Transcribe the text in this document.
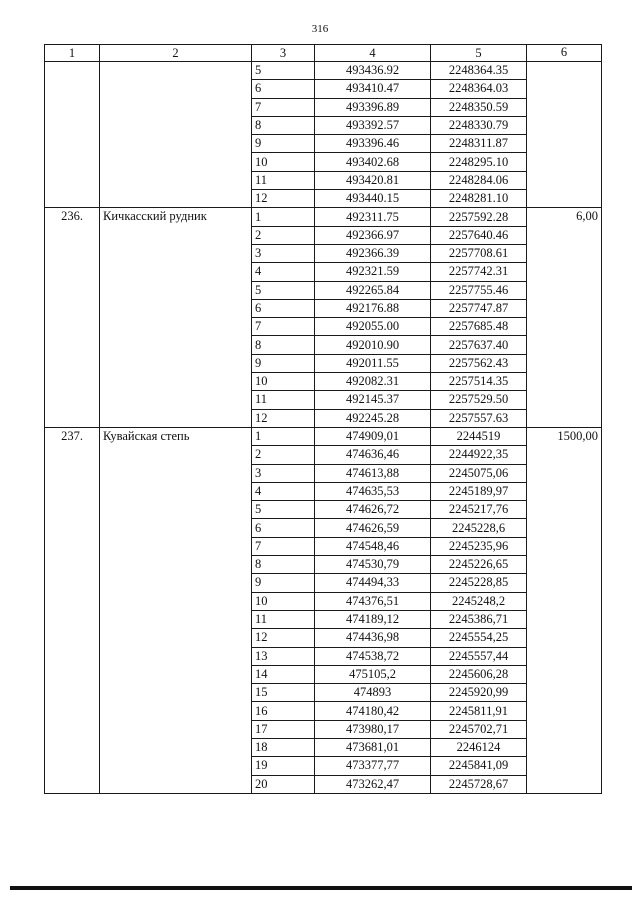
316
1	2	3	4	5	6
		5	493436.92	2248364.35	
		6	493410.47	2248364.03	
		7	493396.89	2248350.59	
		8	493392.57	2248330.79	
		9	493396.46	2248311.87	
		10	493402.68	2248295.10	
		11	493420.81	2248284.06	
		12	493440.15	2248281.10	
236.	Кичкасский рудник	1	492311.75	2257592.28	6,00
		2	492366.97	2257640.46	
		3	492366.39	2257708.61	
		4	492321.59	2257742.31	
		5	492265.84	2257755.46	
		6	492176.88	2257747.87	
		7	492055.00	2257685.48	
		8	492010.90	2257637.40	
		9	492011.55	2257562.43	
		10	492082.31	2257514.35	
		11	492145.37	2257529.50	
		12	492245.28	2257557.63	
237.	Кувайская степь	1	474909,01	2244519	1500,00
		2	474636,46	2244922,35	
		3	474613,88	2245075,06	
		4	474635,53	2245189,97	
		5	474626,72	2245217,76	
		6	474626,59	2245228,6	
		7	474548,46	2245235,96	
		8	474530,79	2245226,65	
		9	474494,33	2245228,85	
		10	474376,51	2245248,2	
		11	474189,12	2245386,71	
		12	474436,98	2245554,25	
		13	474538,72	2245557,44	
		14	475105,2	2245606,28	
		15	474893	2245920,99	
		16	474180,42	2245811,91	
		17	473980,17	2245702,71	
		18	473681,01	2246124	
		19	473377,77	2245841,09	
		20	473262,47	2245728,67	
